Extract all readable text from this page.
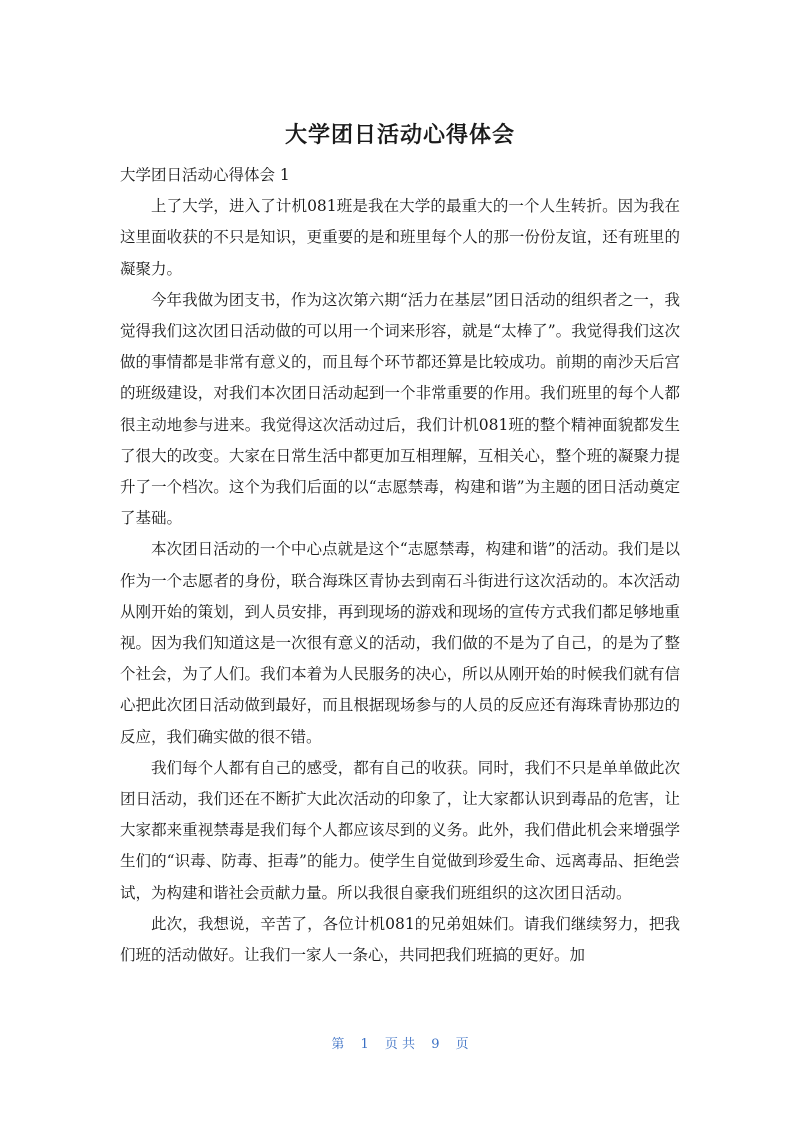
大学团日活动心得体会

大学团日活动心得体会 1

上了大学，进入了计机081班是我在大学的最重大的一个人生转折。因为我在这里面收获的不只是知识，更重要的是和班里每个人的那一份份友谊，还有班里的凝聚力。

今年我做为团支书，作为这次第六期“活力在基层”团日活动的组织者之一，我觉得我们这次团日活动做的可以用一个词来形容，就是“太棒了”。我觉得我们这次做的事情都是非常有意义的，而且每个环节都还算是比较成功。前期的南沙天后宫的班级建设，对我们本次团日活动起到一个非常重要的作用。我们班里的每个人都很主动地参与进来。我觉得这次活动过后，我们计机081班的整个精神面貌都发生了很大的改变。大家在日常生活中都更加互相理解，互相关心，整个班的凝聚力提升了一个档次。这个为我们后面的以“志愿禁毒，构建和谐”为主题的团日活动奠定了基础。

本次团日活动的一个中心点就是这个“志愿禁毒，构建和谐”的活动。我们是以作为一个志愿者的身份，联合海珠区青协去到南石斗街进行这次活动的。本次活动从刚开始的策划，到人员安排，再到现场的游戏和现场的宣传方式我们都足够地重视。因为我们知道这是一次很有意义的活动，我们做的不是为了自己，的是为了整个社会，为了人们。我们本着为人民服务的决心，所以从刚开始的时候我们就有信心把此次团日活动做到最好，而且根据现场参与的人员的反应还有海珠青协那边的反应，我们确实做的很不错。

我们每个人都有自己的感受，都有自己的收获。同时，我们不只是单单做此次团日活动，我们还在不断扩大此次活动的印象了，让大家都认识到毒品的危害，让大家都来重视禁毒是我们每个人都应该尽到的义务。此外，我们借此机会来增强学生们的“识毒、防毒、拒毒”的能力。使学生自觉做到珍爱生命、远离毒品、拒绝尝试，为构建和谐社会贡献力量。所以我很自豪我们班组织的这次团日活动。

此次，我想说，辛苦了，各位计机081的兄弟姐妹们。请我们继续努力，把我们班的活动做好。让我们一家人一条心，共同把我们班搞的更好。加

第 1 页 共 9 页
